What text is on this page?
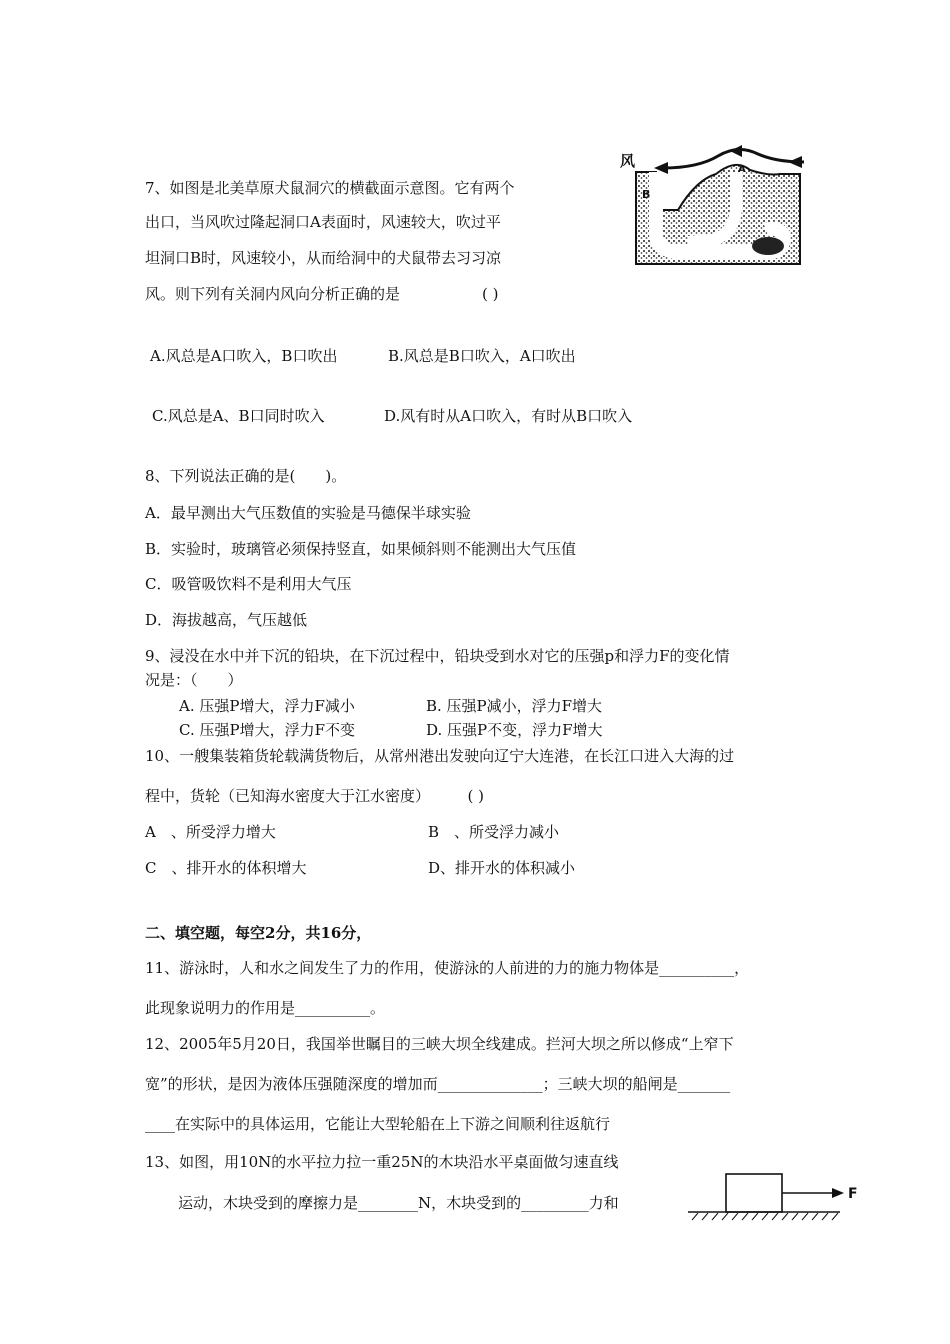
7、如图是北美草原犬鼠洞穴的横截面示意图。它有两个
出口，当风吹过隆起洞口A表面时，风速较大，吹过平
坦洞口B时，风速较小，从而给洞中的犬鼠带去习习凉
风。则下列有关洞内风向分析正确的是	( )
风	A
B
A.风总是A口吹入，B口吹出	B.风总是B口吹入，A口吹出
C.风总是A、B口同时吹入	D.风有时从A口吹入，有时从B口吹入
8、下列说法正确的是(　　)。
A．最早测出大气压数值的实验是马德保半球实验
B．实验时，玻璃管必须保持竖直，如果倾斜则不能测出大气压值
C．吸管吸饮料不是利用大气压
D．海拔越高，气压越低
9、浸没在水中并下沉的铅块，在下沉过程中，铅块受到水对它的压强p和浮力F的变化情
况是：（　　）
A. 压强P增大，浮力F减小	B. 压强P减小，浮力F增大
C. 压强P增大，浮力F不变	D. 压强P不变，浮力F增大
10、一艘集装箱货轮载满货物后，从常州港出发驶向辽宁大连港，在长江口进入大海的过
程中，货轮（已知海水密度大于江水密度）　　　( )
A　、所受浮力增大	B　、所受浮力减小
C　、排开水的体积增大	D、排开水的体积减小
二、填空题，每空2分，共16分，
11、游泳时，人和水之间发生了力的作用，使游泳的人前进的力的施力物体是__________，
此现象说明力的作用是__________。
12、2005年5月20日，我国举世瞩目的三峡大坝全线建成。拦河大坝之所以修成“上窄下
宽”的形状，是因为液体压强随深度的增加而______________；三峡大坝的船闸是_______
____在实际中的具体运用，它能让大型轮船在上下游之间顺利往返航行
13、如图，用10N的水平拉力拉一重25N的木块沿水平桌面做匀速直线
运动，木块受到的摩擦力是________N，木块受到的_________力和	F
